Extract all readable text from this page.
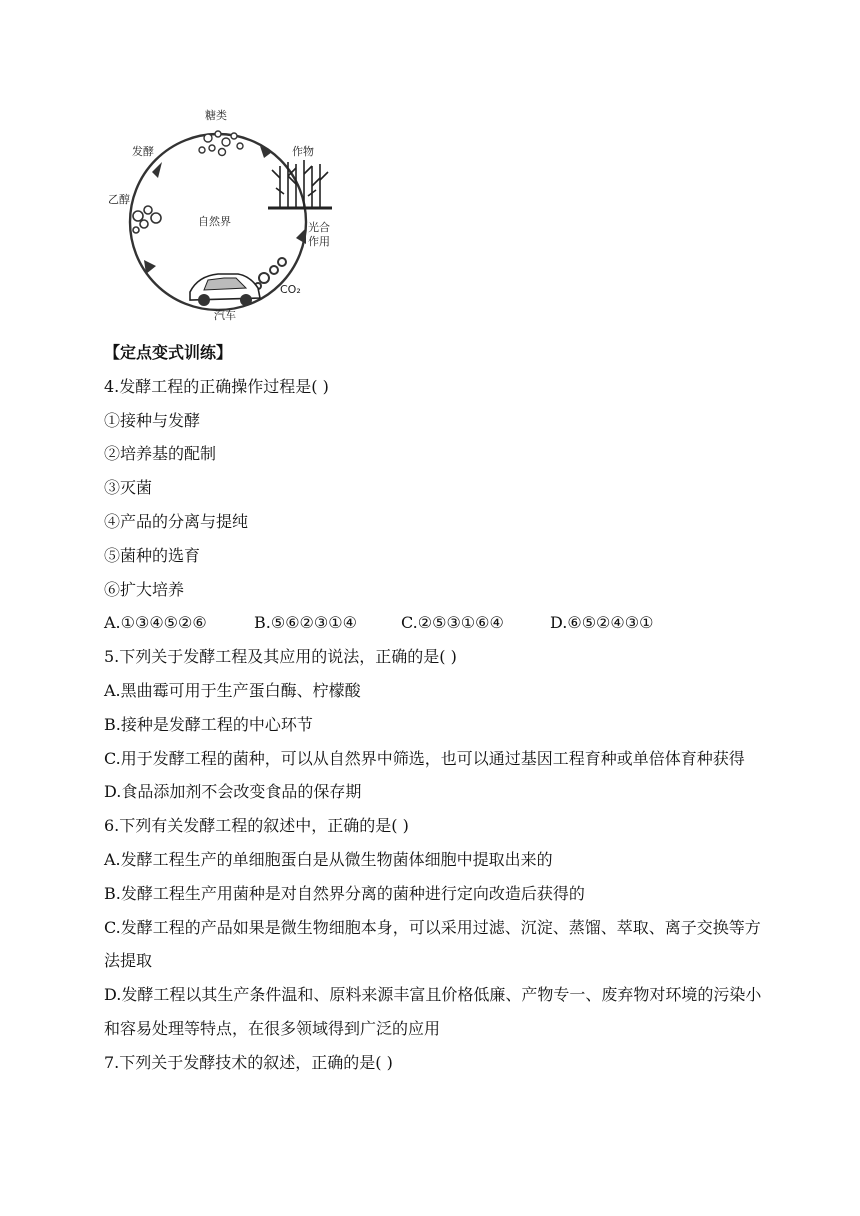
糖类
作物
发酵
乙醇
自然界	光合
作用
CO₂
汽车
【定点变式训练】
4.发酵工程的正确操作过程是( )
①接种与发酵
②培养基的配制
③灭菌
④产品的分离与提纯
⑤菌种的选育
⑥扩大培养
A.①③④⑤②⑥	B.⑤⑥②③①④	C.②⑤③①⑥④	D.⑥⑤②④③①
5.下列关于发酵工程及其应用的说法，正确的是( )
A.黑曲霉可用于生产蛋白酶、柠檬酸
B.接种是发酵工程的中心环节
C.用于发酵工程的菌种，可以从自然界中筛选，也可以通过基因工程育种或单倍体育种获得
D.食品添加剂不会改变食品的保存期
6.下列有关发酵工程的叙述中，正确的是( )
A.发酵工程生产的单细胞蛋白是从微生物菌体细胞中提取出来的
B.发酵工程生产用菌种是对自然界分离的菌种进行定向改造后获得的
C.发酵工程的产品如果是微生物细胞本身，可以采用过滤、沉淀、蒸馏、萃取、离子交换等方法提取
D.发酵工程以其生产条件温和、原料来源丰富且价格低廉、产物专一、废弃物对环境的污染小和容易处理等特点，在很多领域得到广泛的应用
7.下列关于发酵技术的叙述，正确的是( )
